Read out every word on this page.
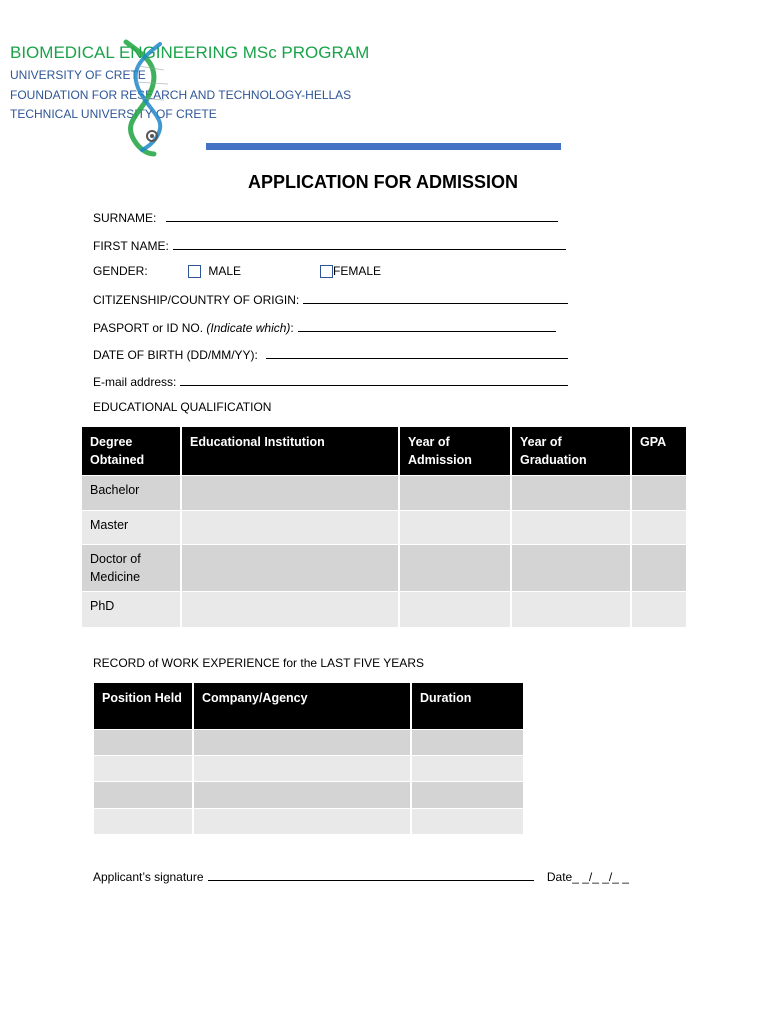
BIOMEDICAL ENGINEERING MSc PROGRAM
UNIVERSITY OF CRETE
FOUNDATION FOR RESEARCH AND TECHNOLOGY-HELLAS
TECHNICAL UNIVERSITY OF CRETE
APPLICATION FOR ADMISSION
SURNAME:
FIRST NAME:
GENDER:	MALE	FEMALE
CITIZENSHIP/COUNTRY OF ORIGIN:
PASPORT or ID NO. (Indicate which):
DATE OF BIRTH (DD/MM/YY):
E-mail address:
EDUCATIONAL QUALIFICATION
Degree Obtained	Educational Institution	Year of Admission	Year of Graduation	GPA
Bachelor				
Master				
Doctor of Medicine				
PhD				
RECORD of WORK EXPERIENCE for the LAST FIVE YEARS
Position Held	Company/Agency	Duration

Applicant’s signature	Date_ _/_ _/_ _
